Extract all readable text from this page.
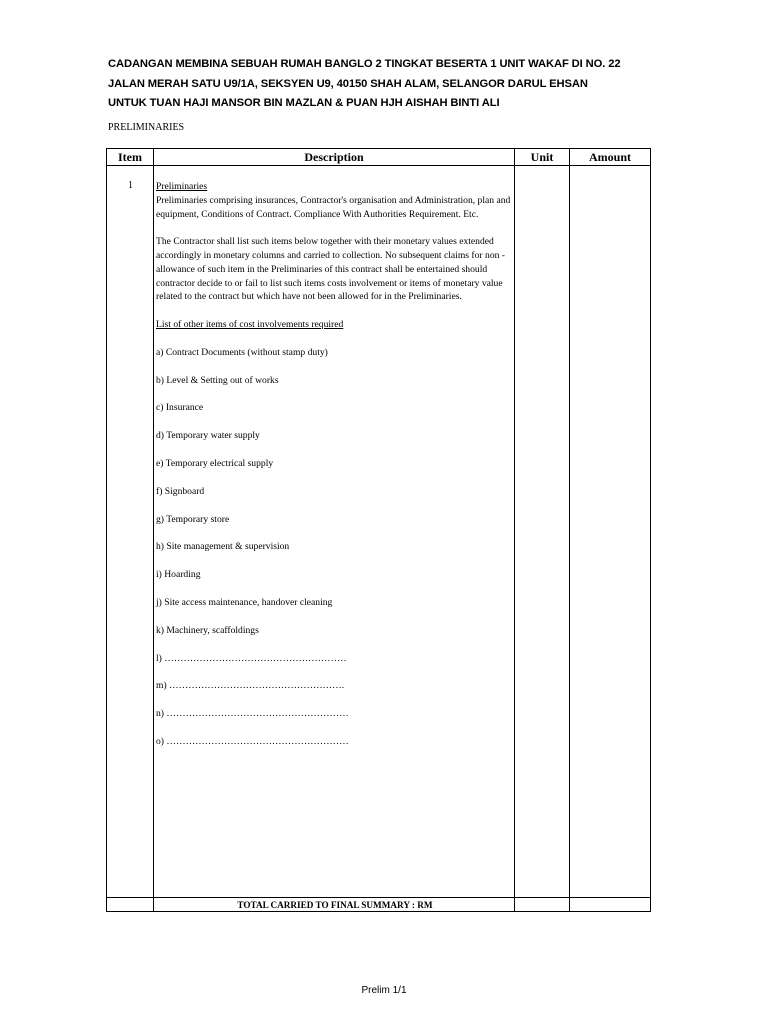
CADANGAN MEMBINA SEBUAH RUMAH BANGLO 2 TINGKAT BESERTA 1 UNIT WAKAF DI NO. 22
JALAN MERAH SATU U9/1A, SEKSYEN U9, 40150 SHAH ALAM, SELANGOR DARUL EHSAN
UNTUK TUAN HAJI MANSOR BIN MAZLAN & PUAN HJH AISHAH BINTI ALI
PRELIMINARIES
Item	Description	Unit	Amount
1	Preliminaries

Preliminaries comprising insurances, Contractor's organisation and Administration, plan and equipment, Conditions of Contract. Compliance With Authorities Requirement. Etc.

The Contractor shall list such items below together with their monetary values extended accordingly in monetary columns and carried to collection. No subsequent claims for non - allowance of such item in the Preliminaries of this contract shall be entertained should contractor decide to or fail to list such items costs involvement or items of monetary value related to the contract but which have not been allowed for in the Preliminaries.

List of other items of cost involvements required

a) Contract Documents (without stamp duty)

b) Level & Setting out of works

c) Insurance

d) Temporary water supply

e) Temporary electrical supply

f) Signboard

g) Temporary store

h) Site management & supervision

i) Hoarding

j) Site access maintenance, handover cleaning

k) Machinery, scaffoldings

l) …………………………………………………

m) ……………………………………………….

n) …………………………………………………

o) …………………………………………………

TOTAL CARRIED TO FINAL SUMMARY : RM
Prelim 1/1
